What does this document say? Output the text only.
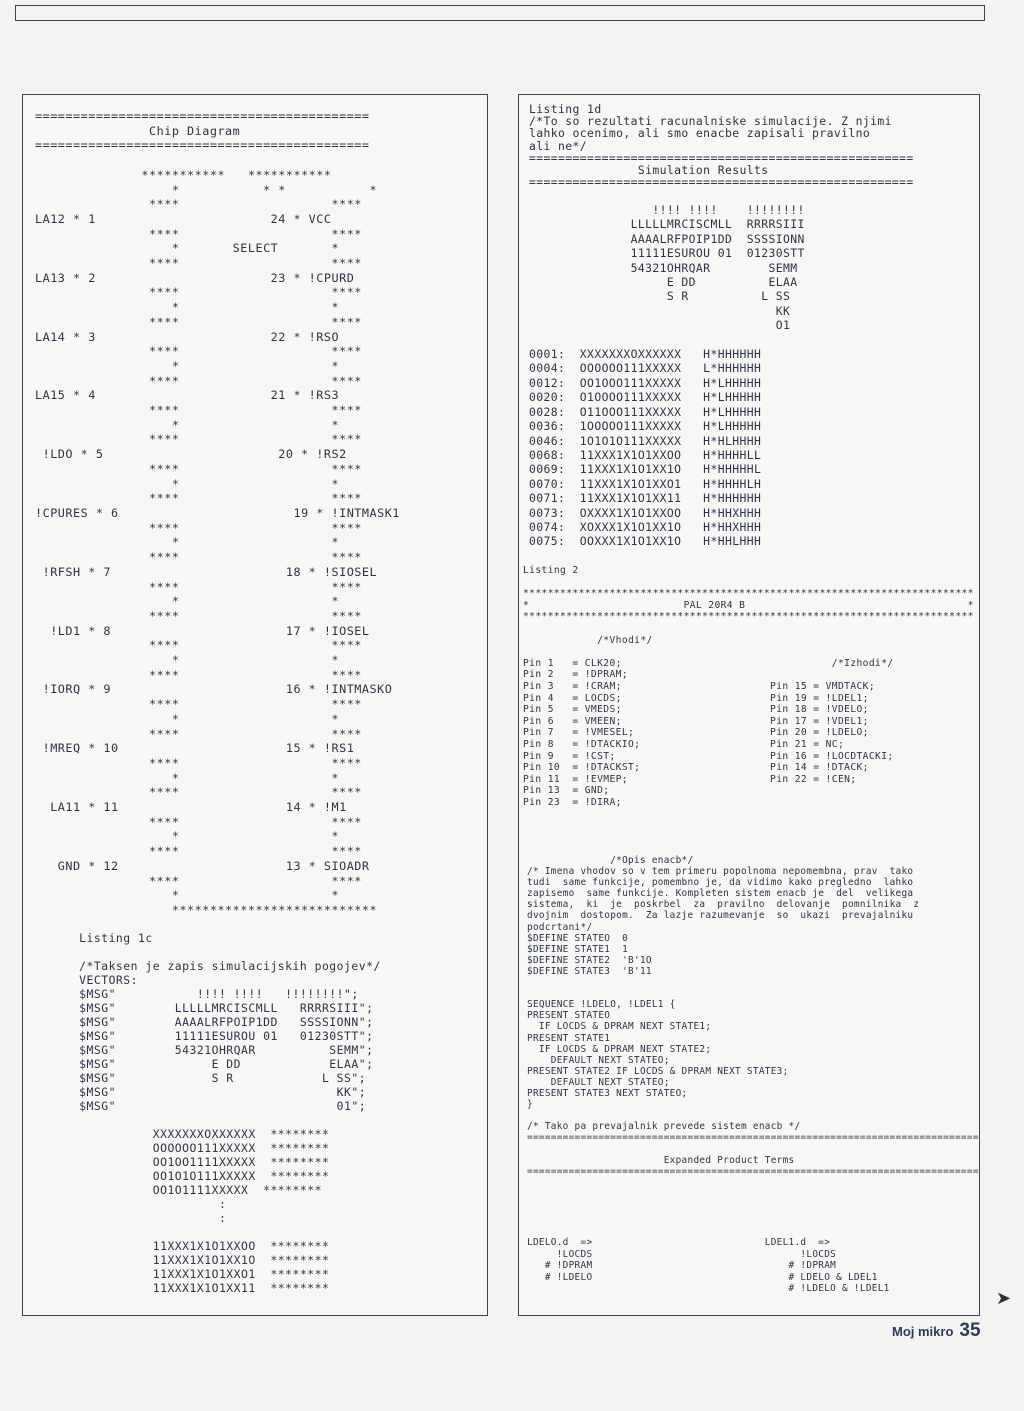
============================================
Chip Diagram
============================================

***********   ***********
*           * *           *
****                    ****
LA12 * 1                       24 * VCC
****                    ****
*       SELECT       *
****                    ****
LA13 * 2                       23 * !CPURD
****                    ****
*                    *
****                    ****
LA14 * 3                       22 * !RSO
****                    ****
*                    *
****                    ****
LA15 * 4                       21 * !RS3
****                    ****
*                    *
****                    ****
!LDO * 5                       20 * !RS2
****                    ****
*                    *
****                    ****
!CPURES * 6                       19 * !INTMASK1
****                    ****
*                    *
****                    ****
!RFSH * 7                       18 * !SIOSEL
****                    ****
*                    *
****                    ****
!LD1 * 8                       17 * !IOSEL
****                    ****
*                    *
****                    ****
!IORQ * 9                       16 * !INTMASKO
****                    ****
*                    *
****                    ****
!MREQ * 10                      15 * !RS1
****                    ****
*                    *
****                    ****
LA11 * 11                      14 * !M1
****                    ****
*                    *
****                    ****
GND * 12                      13 * SIOADR
****                    ****
*                    *
***************************
Listing 1c

/*Taksen je zapis simulacijskih pogojev*/
VECTORS:
$MSG"           !!!! !!!!   !!!!!!!!";
$MSG"        LLLLLMRCISCMLL   RRRRSIII";
$MSG"        AAAALRFPOIP1DD   SSSSIONN";
$MSG"        11111ESUROU 01   01230STT";
$MSG"        54321OHRQAR          SEMM";
$MSG"             E DD            ELAA";
$MSG"             S R            L SS";
$MSG"                              KK";
$MSG"                              01";

XXXXXXXOXXXXXX  ********
OOOOOO111XXXXX  ********
OO1OO1111XXXXX  ********
OO1O1O111XXXXX  ********
OO1O1111XXXXX  ********
:
:

11XXX1X1O1XXOO  ********
11XXX1X1O1XX1O  ********
11XXX1X1O1XXO1  ********
11XXX1X1O1XX11  ********
Listing 1d
/*To so rezultati racunalniske simulacije. Z njimi
lahko ocenimo, ali smo enacbe zapisali pravilno
ali ne*/
=====================================================
Simulation Results
=====================================================
!!!! !!!!    !!!!!!!!
LLLLLMRCISCMLL  RRRRSIII
AAAALRFPOIP1DD  SSSSIONN
11111ESUROU 01  01230STT
54321OHRQAR        SEMM
E DD          ELAA
S R          L SS
KK
O1

0001:  XXXXXXXOXXXXXX   H*HHHHHH
0004:  OOOOOO111XXXXX   L*HHHHHH
0012:  OO1OOO111XXXXX   H*LHHHHH
0020:  O1OOOO111XXXXX   H*LHHHHH
0028:  O11OOO111XXXXX   H*LHHHHH
0036:  1OOOOO111XXXXX   H*LHHHHH
0046:  1O1O1O111XXXXX   H*HLHHHH
0068:  11XXX1X1O1XXOO   H*HHHHLL
0069:  11XXX1X1O1XX1O   H*HHHHHL
0070:  11XXX1X1O1XXO1   H*HHHHLH
0071:  11XXX1X1O1XX11   H*HHHHHH
0073:  OXXXX1X1O1XXOO   H*HHXHHH
0074:  XOXXX1X1O1XX1O   H*HHXHHH
0075:  OOXXX1X1O1XX1O   H*HHLHHH
Listing 2

*************************************************************************
*                         PAL 20R4 B                                    *
*************************************************************************

/*Vhodi*/

Pin 1   = CLK20;                                  /*Izhodi*/
Pin 2   = !DPRAM;
Pin 3   = !CRAM;                        Pin 15 = VMDTACK;
Pin 4   = LOCDS;                        Pin 19 = !LDEL1;
Pin 5   = VMEDS;                        Pin 18 = !VDELO;
Pin 6   = VMEEN;                        Pin 17 = !VDEL1;
Pin 7   = !VMESEL;                      Pin 20 = !LDELO;
Pin 8   = !DTACKIO;                     Pin 21 = NC;
Pin 9   = !CST;                         Pin 16 = !LOCDTACKI;
Pin 10  = !DTACKST;                     Pin 14 = !DTACK;
Pin 11  = !EVMEP;                       Pin 22 = !CEN;
Pin 13  = GND;
Pin 23  = !DIRA;
/*Opis enacb*/
/* Imena vhodov so v tem primeru popolnoma nepomembna, prav  tako
tudi  same funkcije, pomembno je, da vidimo kako pregledno  lahko
zapisemo  same funkcije. Kompleten sistem enacb je  del  velikega
sistema,  ki  je  poskrbel  za  pravilno  delovanje  pomnilnika  z
dvojnim  dostopom.  Za lazje razumevanje  so  ukazi  prevajalniku
podcrtani*/
$DEFINE STATEO  0
$DEFINE STATE1  1
$DEFINE STATE2  'B'1O
$DEFINE STATE3  'B'11

SEQUENCE !LDELO, !LDEL1 {
PRESENT STATEO
IF LOCDS & DPRAM NEXT STATE1;
PRESENT STATE1
IF LOCDS & DPRAM NEXT STATE2;
DEFAULT NEXT STATEO;
PRESENT STATE2 IF LOCDS & DPRAM NEXT STATE3;
DEFAULT NEXT STATEO;
PRESENT STATE3 NEXT STATEO;
}

/* Tako pa prevajalnik prevede sistem enacb */
============================================================================

Expanded Product Terms
============================================================================
LDELO.d  =>                             LDEL1.d  =>
!LOCDS                                   !LOCDS
# !DPRAM                                 # !DPRAM
# !LDELO                                 # LDELO & LDEL1
# !LDELO & !LDEL1	➤
Moj mikro 35
